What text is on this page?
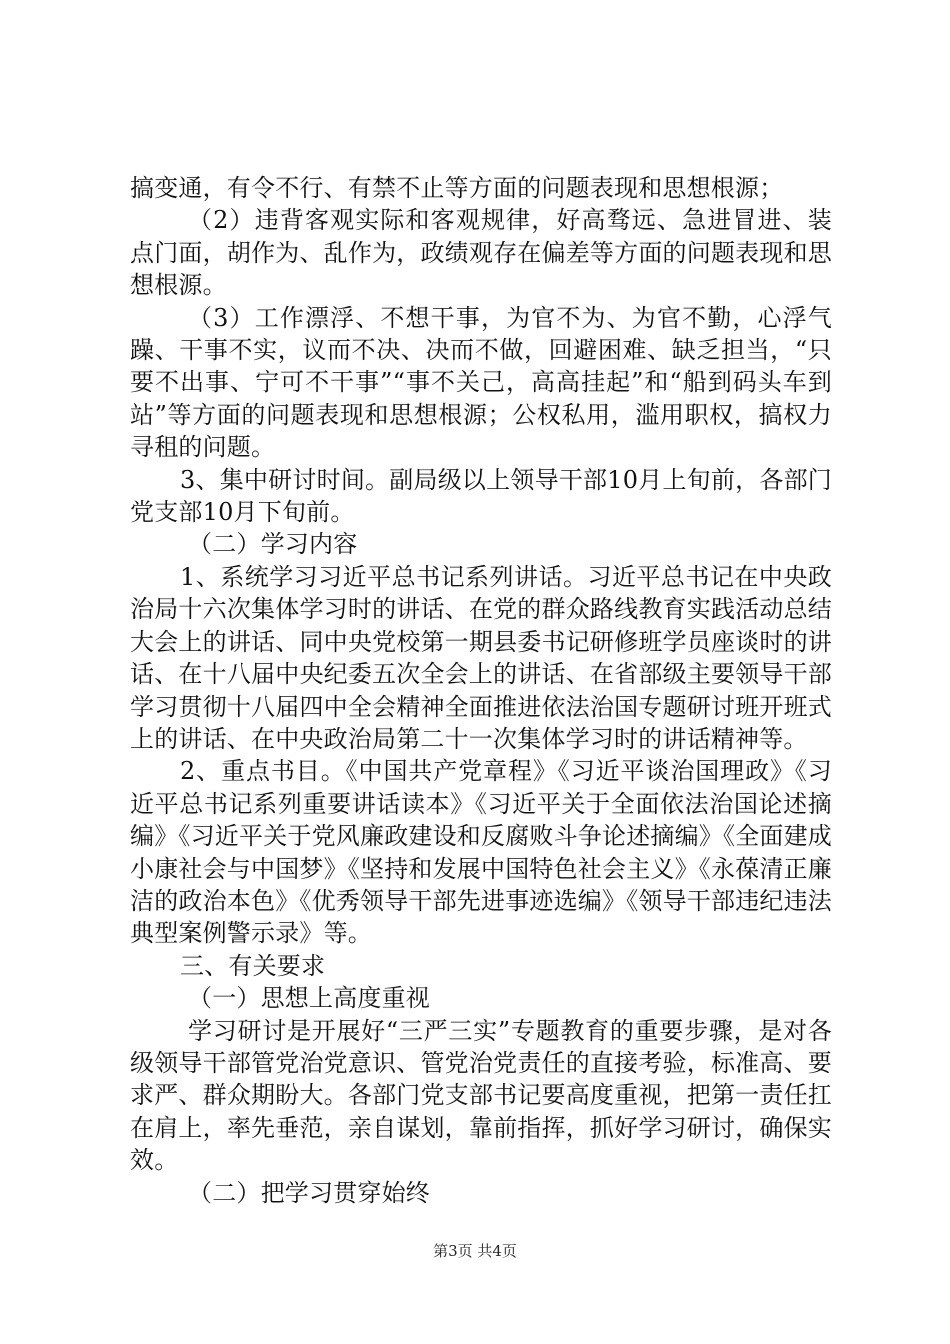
搞变通，有令不行、有禁不止等方面的问题表现和思想根源；

（2）违背客观实际和客观规律，好高骛远、急进冒进、装点门面，胡作为、乱作为，政绩观存在偏差等方面的问题表现和思想根源。

（3）工作漂浮、不想干事，为官不为、为官不勤，心浮气躁、干事不实，议而不决、决而不做，回避困难、缺乏担当，“只要不出事、宁可不干事”“事不关己，高高挂起”和“船到码头车到站”等方面的问题表现和思想根源；公权私用，滥用职权，搞权力寻租的问题。

3、集中研讨时间。副局级以上领导干部10月上旬前，各部门党支部10月下旬前。

（二）学习内容

1、系统学习习近平总书记系列讲话。习近平总书记在中央政治局十六次集体学习时的讲话、在党的群众路线教育实践活动总结大会上的讲话、同中央党校第一期县委书记研修班学员座谈时的讲话、在十八届中央纪委五次全会上的讲话、在省部级主要领导干部学习贯彻十八届四中全会精神全面推进依法治国专题研讨班开班式上的讲话、在中央政治局第二十一次集体学习时的讲话精神等。

2、重点书目。《中国共产党章程》《习近平谈治国理政》《习近平总书记系列重要讲话读本》《习近平关于全面依法治国论述摘编》《习近平关于党风廉政建设和反腐败斗争论述摘编》《全面建成小康社会与中国梦》《坚持和发展中国特色社会主义》《永葆清正廉洁的政治本色》《优秀领导干部先进事迹选编》《领导干部违纪违法典型案例警示录》等。

三、有关要求

（一）思想上高度重视

学习研讨是开展好“三严三实”专题教育的重要步骤，是对各级领导干部管党治党意识、管党治党责任的直接考验，标准高、要求严、群众期盼大。各部门党支部书记要高度重视，把第一责任扛在肩上，率先垂范，亲自谋划，靠前指挥，抓好学习研讨，确保实效。

（二）把学习贯穿始终

第3页 共4页
